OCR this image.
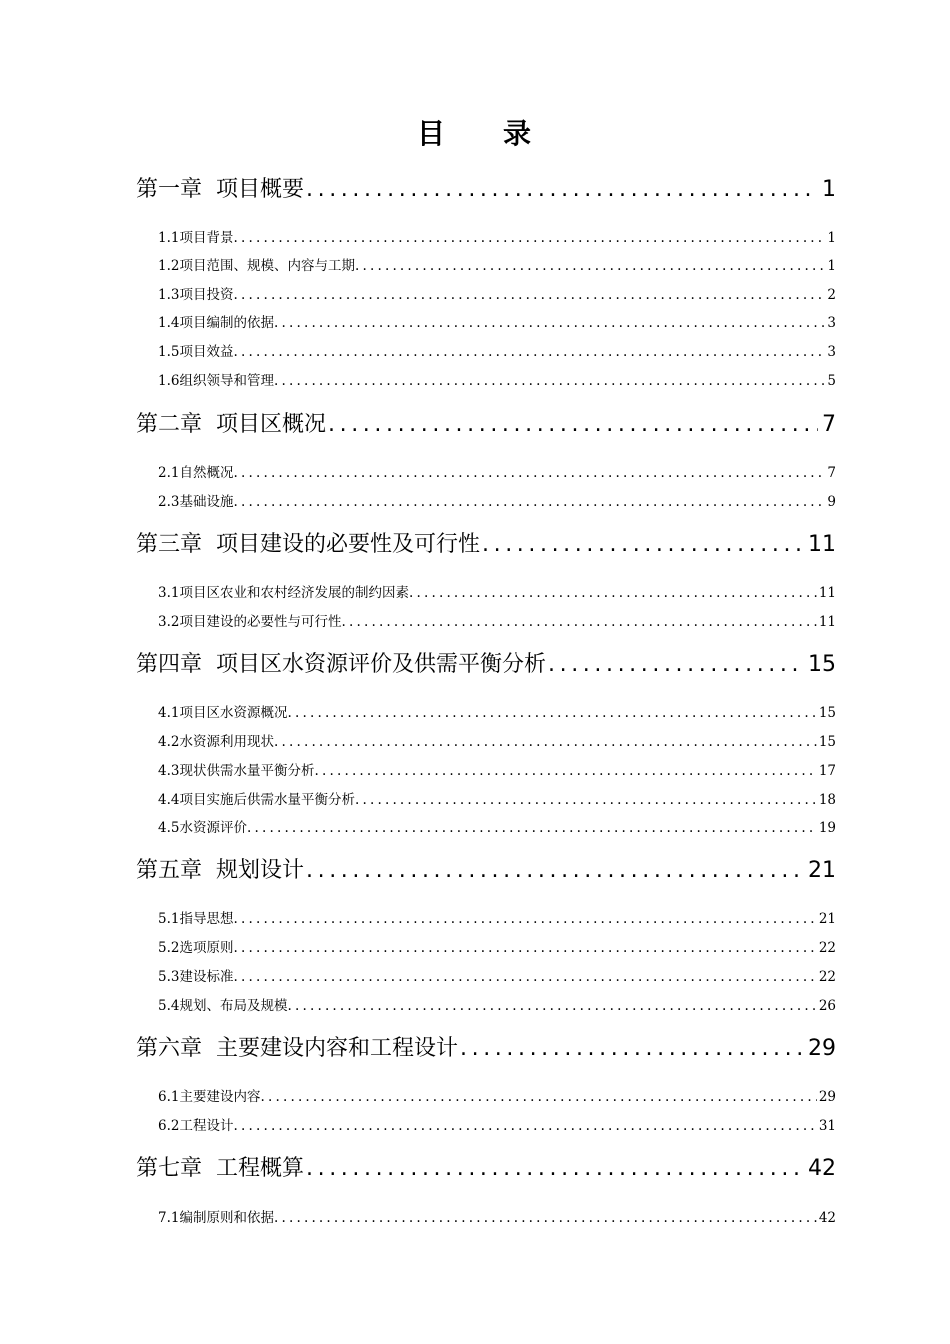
目 录
第一章 项目概要 .....	1
1.1 项目背景 .....	1
1.2 项目范围、规模、内容与工期 .....	1
1.3 项目投资 .....	2
1.4 项目编制的依据 .....	3
1.5 项目效益 .....	3
1.6 组织领导和管理 .....	5
第二章 项目区概况 .....	7
2.1 自然概况 .....	7
2.3 基础设施 .....	9
第三章 项目建设的必要性及可行性 .....	11
3.1 项目区农业和农村经济发展的制约因素 .....	11
3.2 项目建设的必要性与可行性 .....	11
第四章 项目区水资源评价及供需平衡分析 .....	15
4.1 项目区水资源概况 .....	15
4.2 水资源利用现状 .....	15
4.3 现状供需水量平衡分析 .....	17
4.4 项目实施后供需水量平衡分析 .....	18
4.5 水资源评价 .....	19
第五章 规划设计 .....	21
5.1 指导思想 .....	21
5.2 选项原则 .....	22
5.3 建设标准 .....	22
5.4 规划、布局及规模 .....	26
第六章 主要建设内容和工程设计 .....	29
6.1 主要建设内容 .....	29
6.2 工程设计 .....	31
第七章 工程概算 .....	42
7.1 编制原则和依据 .....	42
